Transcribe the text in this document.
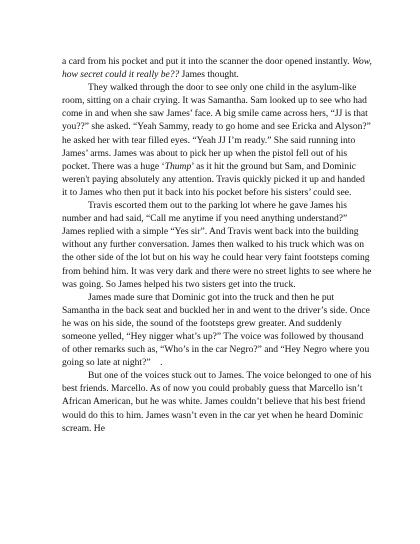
a card from his pocket and put it into the scanner the door opened instantly. Wow, how secret could it really be?? James thought.

They walked through the door to see only one child in the asylum-like room, sitting on a chair crying. It was Samantha. Sam looked up to see who had come in and when she saw James’ face. A big smile came across hers, “JJ is that you??” she asked. “Yeah Sammy, ready to go home and see Ericka and Alyson?” he asked her with tear filled eyes. “Yeah JJ I’m ready.” She said running into James’ arms. James was about to pick her up when the pistol fell out of his pocket. There was a huge ‘Thump’ as it hit the ground but Sam, and Dominic weren't paying absolutely any attention. Travis quickly picked it up and handed it to James who then put it back into his pocket before his sisters’ could see.

Travis escorted them out to the parking lot where he gave James his number and had said, “Call me anytime if you need anything understand?” James replied with a simple “Yes sir”. And Travis went back into the building without any further conversation. James then walked to his truck which was on the other side of the lot but on his way he could hear very faint footsteps coming from behind him. It was very dark and there were no street lights to see where he was going. So James helped his two sisters get into the truck.

James made sure that Dominic got into the truck and then he put Samantha in the back seat and buckled her in and went to the driver’s side. Once he was on his side, the sound of the footsteps grew greater. And suddenly someone yelled, “Hey nigger what’s up?” The voice was followed by thousand of other remarks such as, “Who’s in the car Negro?” and “Hey Negro where you going so late at night?”　.

But one of the voices stuck out to James. The voice belonged to one of his best friends. Marcello. As of now you could probably guess that Marcello isn’t African American, but he was white. James couldn’t believe that his best friend would do this to him. James wasn’t even in the car yet when he heard Dominic scream. He
